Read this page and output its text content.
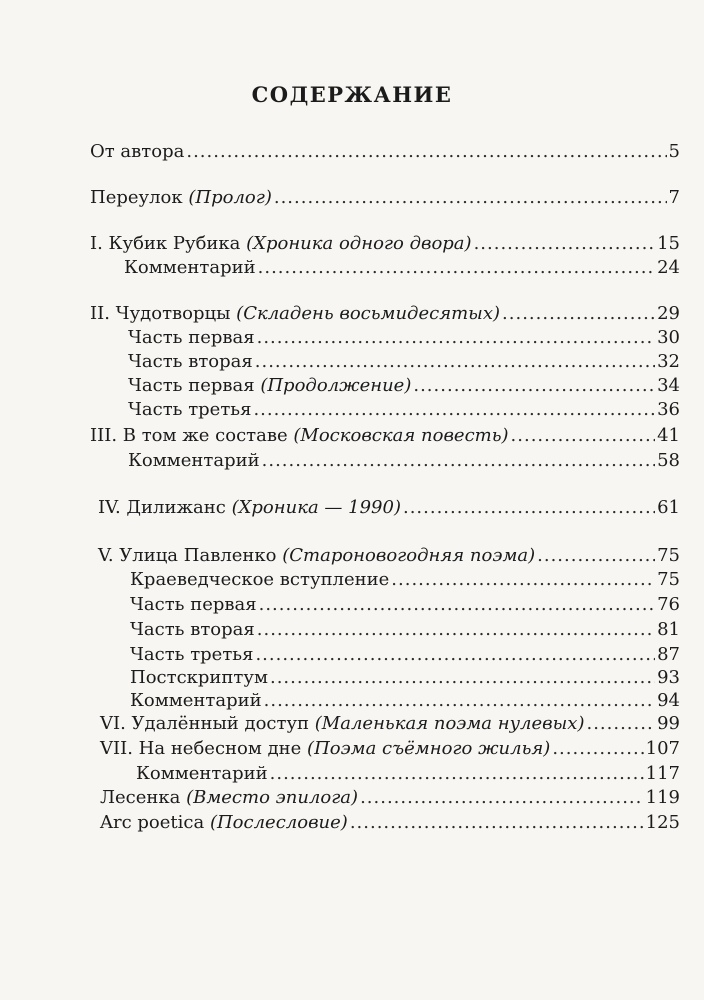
СОДЕРЖАНИЕ
От автора .....	5
Переулок (Пролог) .....	7
I. Кубик Рубика (Хроника одного двора) .....	15
Комментарий .....	24
II. Чудотворцы (Складень восьмидесятых) .....	29
Часть первая .....	30
Часть вторая .....	32
Часть первая (Продолжение) .....	34
Часть третья .....	36
III. В том же составе (Московская повесть) .....	41
Комментарий .....	58
IV. Дилижанс (Хроника — 1990) .....	61
V. Улица Павленко (Староновогодняя поэма) .....	75
Краеведческое вступление .....	75
Часть первая .....	76
Часть вторая .....	81
Часть третья .....	87
Постскриптум .....	93
Комментарий .....	94
VI. Удалённый доступ (Маленькая поэма нулевых) .....	99
VII. На небесном дне (Поэма съёмного жилья) .....	107
Комментарий .....	117
Лесенка (Вместо эпилога) .....	119
Arc poetica (Послесловие) .....	125
